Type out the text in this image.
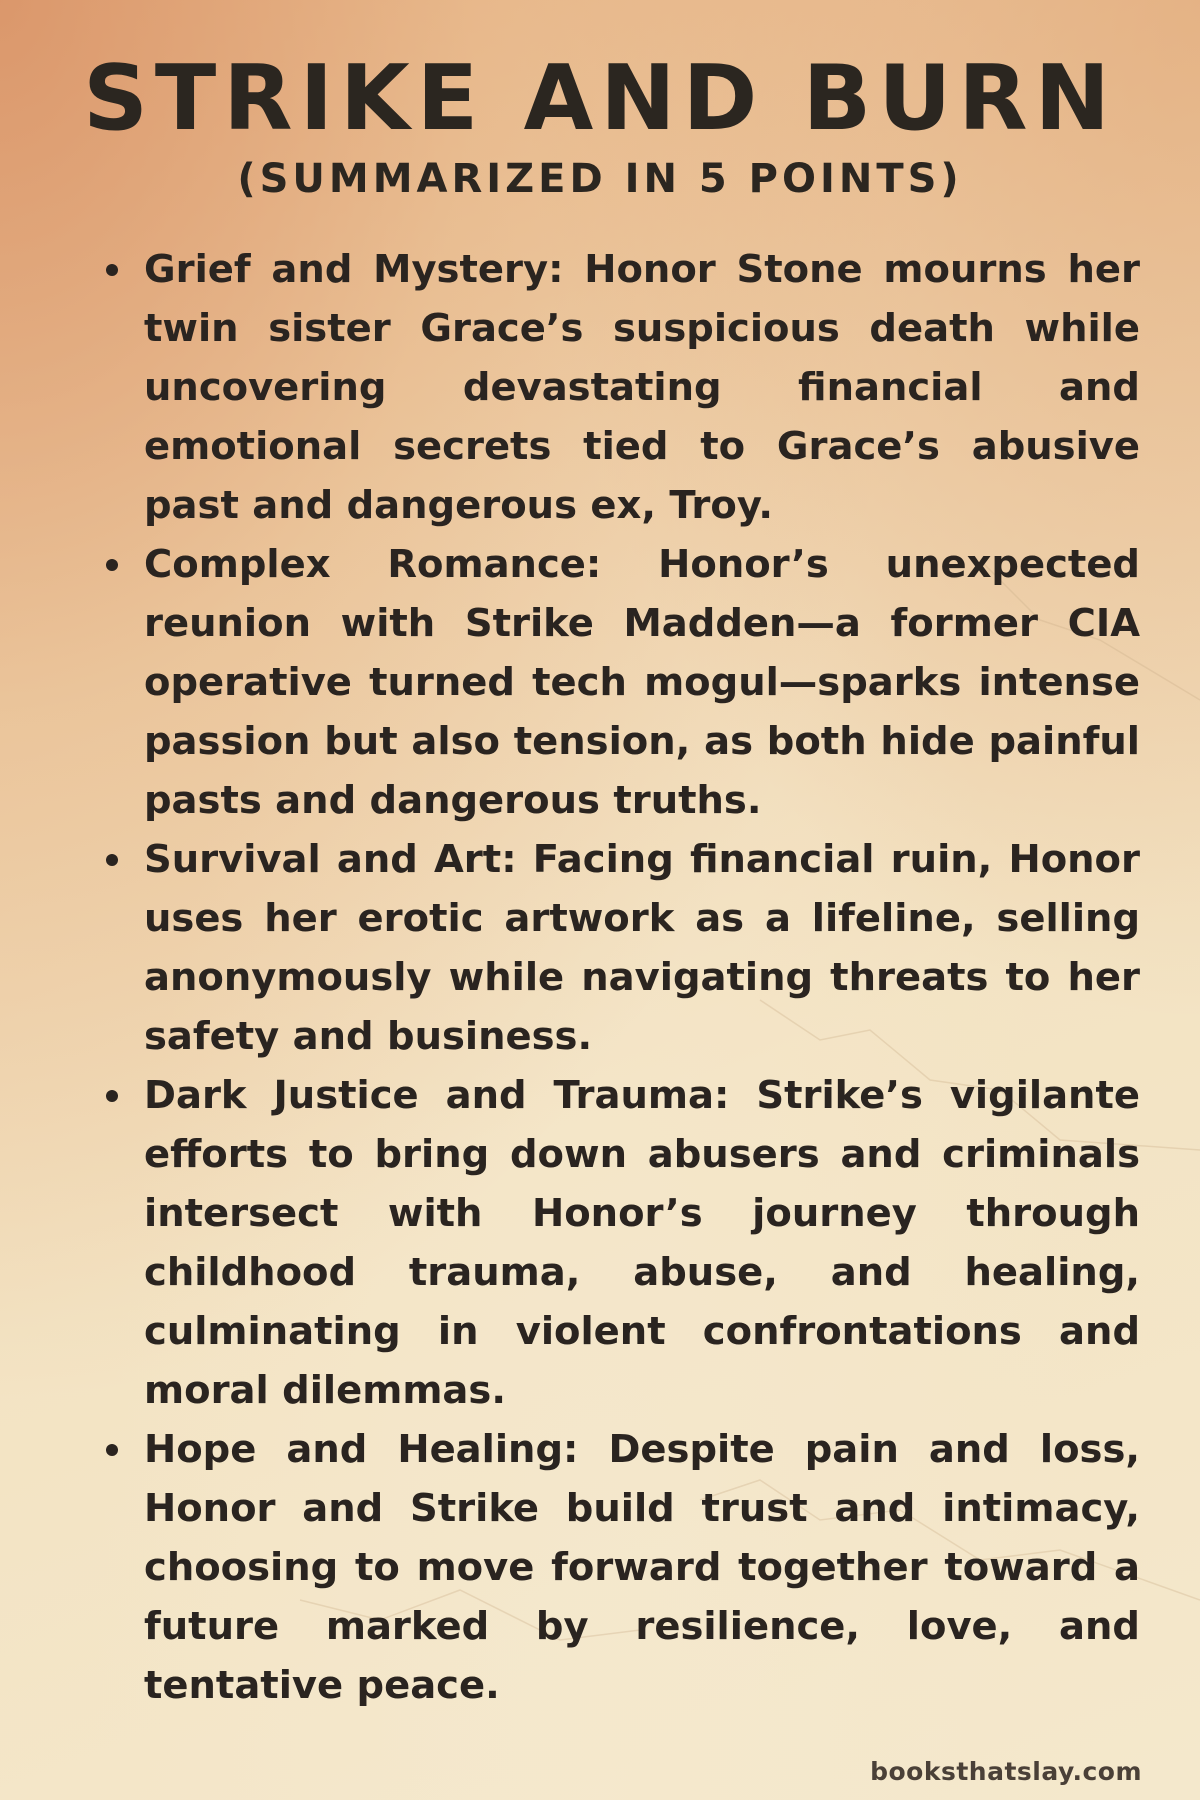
STRIKE AND BURN
(SUMMARIZED IN 5 POINTS)
Grief and Mystery: Honor Stone mourns her twin sister Grace’s suspicious death while uncovering devastating financial and emotional secrets tied to Grace’s abusive past and dangerous ex, Troy.
Complex Romance: Honor’s unexpected reunion with Strike Madden—a former CIA operative turned tech mogul—sparks intense passion but also tension, as both hide painful pasts and dangerous truths.
Survival and Art: Facing financial ruin, Honor uses her erotic artwork as a lifeline, selling anonymously while navigating threats to her safety and business.
Dark Justice and Trauma: Strike’s vigilante efforts to bring down abusers and criminals intersect with Honor’s journey through childhood trauma, abuse, and healing, culminating in violent confrontations and moral dilemmas.
Hope and Healing: Despite pain and loss, Honor and Strike build trust and intimacy, choosing to move forward together toward a future marked by resilience, love, and tentative peace.
booksthatslay.com
